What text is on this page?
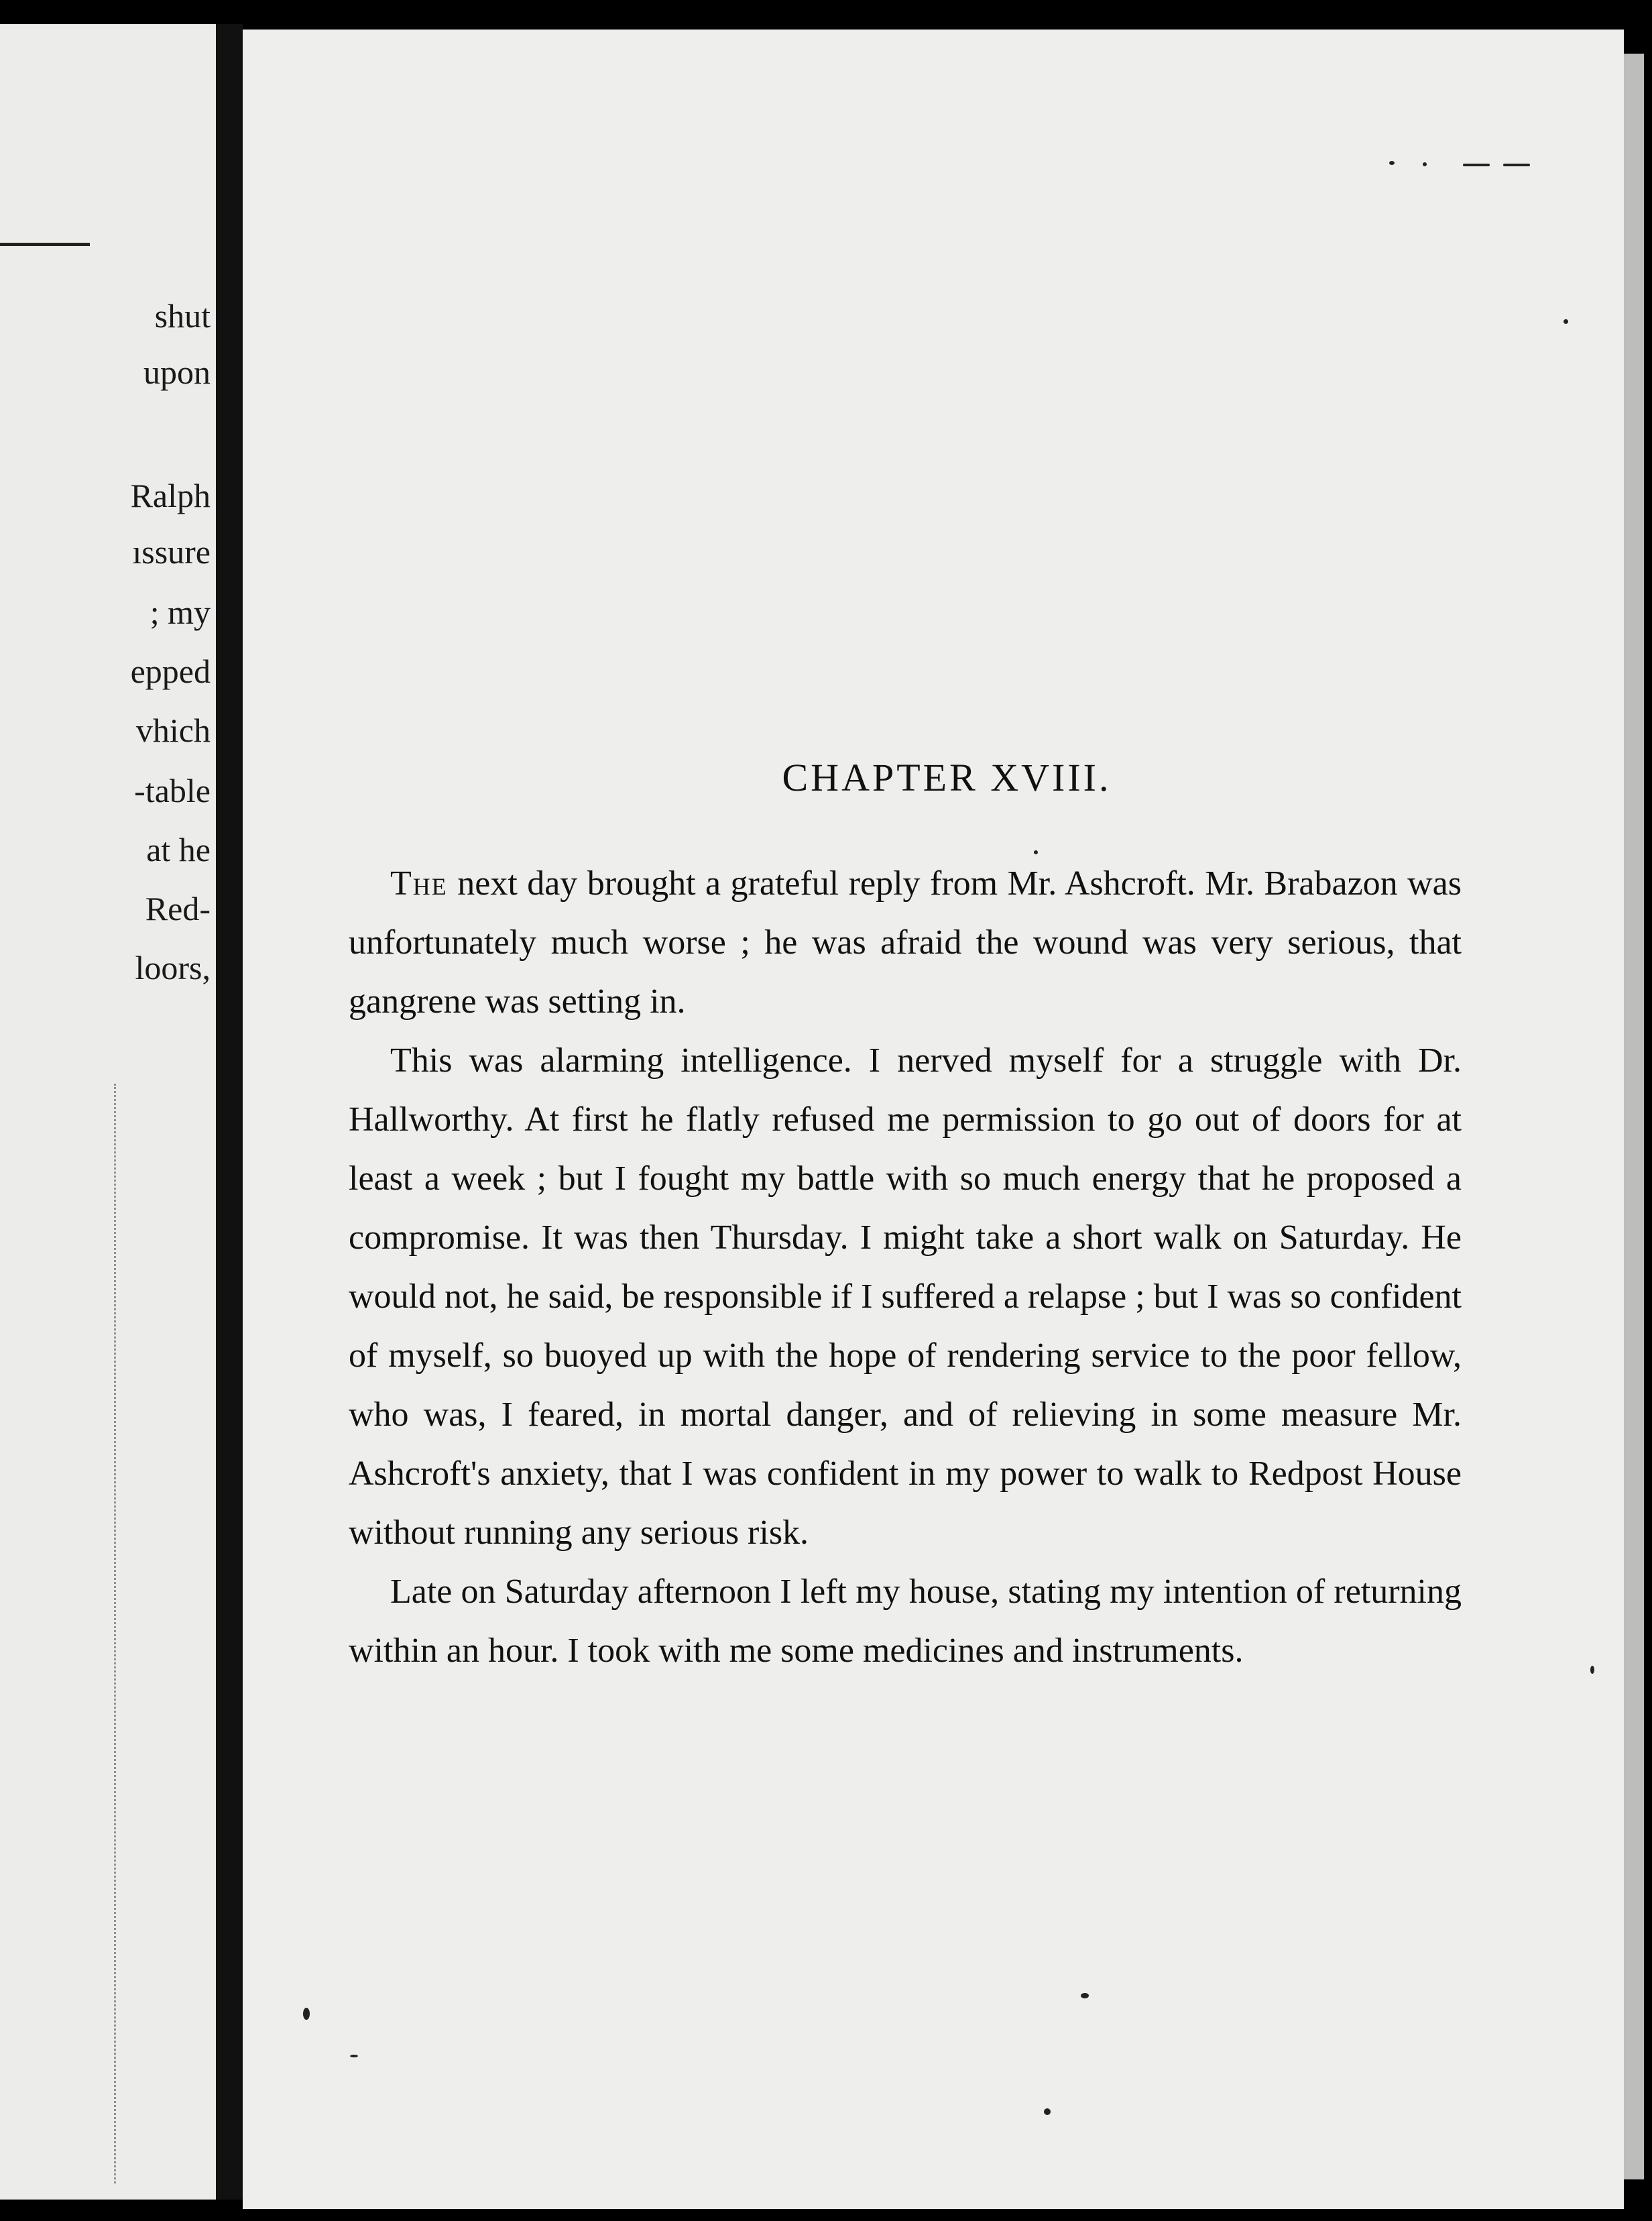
shut
upon
Ralph
ıssure
; my
epped
vhich
-table
at he
Red-
loors,
CHAPTER XVIII.

The next day brought a grateful reply from Mr. Ashcroft. Mr. Brabazon was unfortunately much worse ; he was afraid the wound was very serious, that gangrene was setting in.

This was alarming intelligence. I nerved myself for a struggle with Dr. Hallworthy. At first he flatly refused me permission to go out of doors for at least a week ; but I fought my battle with so much energy that he proposed a compromise. It was then Thursday. I might take a short walk on Saturday. He would not, he said, be responsible if I suffered a relapse ; but I was so confident of myself, so buoyed up with the hope of rendering service to the poor fellow, who was, I feared, in mortal danger, and of relieving in some measure Mr. Ashcroft's anxiety, that I was confident in my power to walk to Redpost House without running any serious risk.

Late on Saturday afternoon I left my house, stating my intention of returning within an hour. I took with me some medicines and instruments.
